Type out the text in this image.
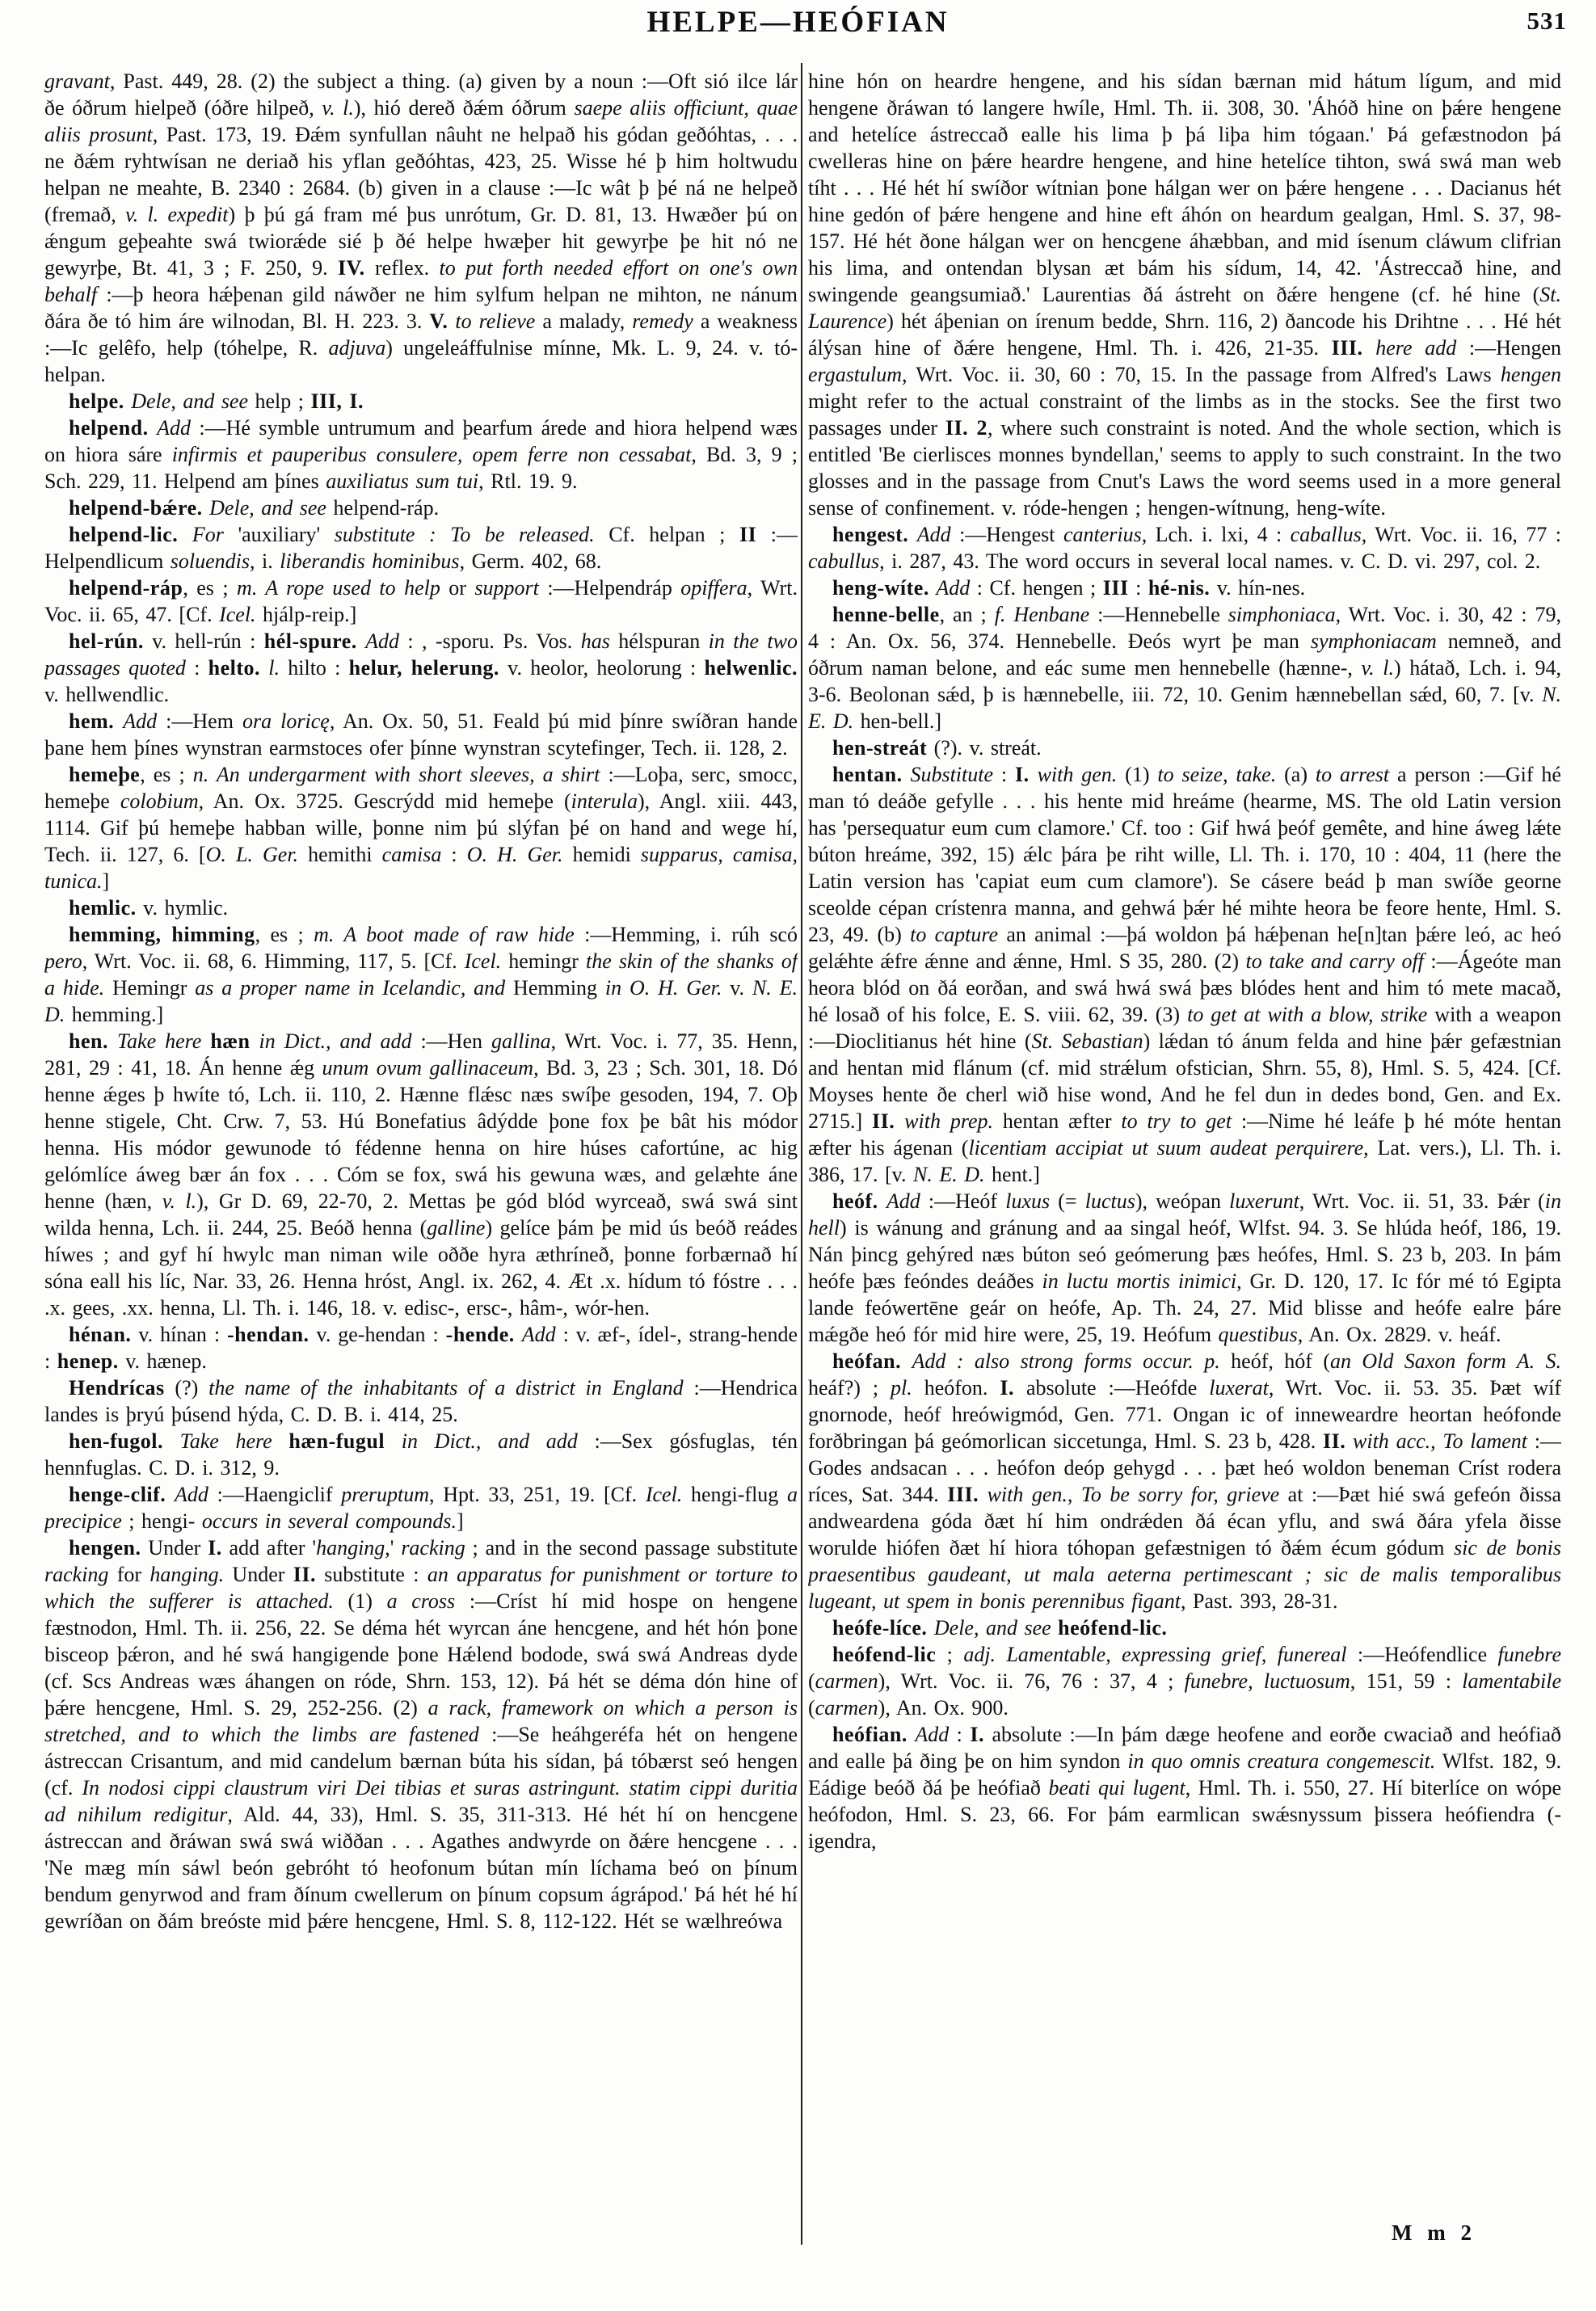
HELPE—HEÓFIAN	531

gravant, Past. 449, 28. (2) the subject a thing. (a) given by a noun :—Oft sió ilce lár ðe óðrum hielpeð (óðre hilpeð, v. l.), hió dereð ðǽm óðrum saepe aliis officiunt, quae aliis prosunt, Past. 173, 19. Ðǽm synfullan nâuht ne helpað his gódan geðóhtas, . . . ne ðǽm ryhtwísan ne deriað his yflan geðóhtas, 423, 25. Wisse hé þ him holtwudu helpan ne meahte, B. 2340 : 2684. (b) given in a clause :—Ic wât þ þé ná ne helpeð (fremað, v. l. expedit) þ þú gá fram mé þus unrótum, Gr. D. 81, 13. Hwæðer þú on ǽngum geþeahte swá twiorǽde sié þ ðé helpe hwæþer hit gewyrþe þe hit nó ne gewyrþe, Bt. 41, 3 ; F. 250, 9. IV. reflex. to put forth needed effort on one's own behalf :—þ heora hǽþenan gild náwðer ne him sylfum helpan ne mihton, ne nánum ðára ðe tó him áre wilnodan, Bl. H. 223. 3. V. to relieve a malady, remedy a weakness :—Ic gelêfo, help (tóhelpe, R. adjuva) ungeleáffulnise mínne, Mk. L. 9, 24. v. tó-helpan.

helpe. Dele, and see help ; III, I.

helpend. Add :—Hé symble untrumum and þearfum árede and hiora helpend wæs on hiora sáre infirmis et pauperibus consulere, opem ferre non cessabat, Bd. 3, 9 ; Sch. 229, 11. Helpend am þínes auxiliatus sum tui, Rtl. 19. 9.

helpend-bǽre. Dele, and see helpend-ráp.

helpend-lic. For 'auxiliary' substitute : To be released. Cf. helpan ; II :—Helpendlicum soluendis, i. liberandis hominibus, Germ. 402, 68.

helpend-ráp, es ; m. A rope used to help or support :—Helpendráp opiffera, Wrt. Voc. ii. 65, 47. [Cf. Icel. hjálp-reip.]

hel-rún. v. hell-rún : hél-spure. Add : , -sporu. Ps. Vos. has hélspuran in the two passages quoted : helto. l. hilto : helur, helerung. v. heolor, heolorung : helwenlic. v. hellwendlic.

hem. Add :—Hem ora loricę, An. Ox. 50, 51. Feald þú mid þínre swíðran hande þane hem þínes wynstran earmstoces ofer þínne wynstran scytefinger, Tech. ii. 128, 2.

hemeþe, es ; n. An undergarment with short sleeves, a shirt :—Loþa, serc, smocc, hemeþe colobium, An. Ox. 3725. Gescrýdd mid hemeþe (interula), Angl. xiii. 443, 1114. Gif þú hemeþe habban wille, þonne nim þú slýfan þé on hand and wege hí, Tech. ii. 127, 6. [O. L. Ger. hemithi camisa : O. H. Ger. hemidi supparus, camisa, tunica.]

hemlic. v. hymlic.

hemming, himming, es ; m. A boot made of raw hide :—Hemming, i. rúh scó pero, Wrt. Voc. ii. 68, 6. Himming, 117, 5. [Cf. Icel. hemingr the skin of the shanks of a hide. Hemingr as a proper name in Icelandic, and Hemming in O. H. Ger. v. N. E. D. hemming.]

hen. Take here hæn in Dict., and add :—Hen gallina, Wrt. Voc. i. 77, 35. Henn, 281, 29 : 41, 18. Án henne ǽg unum ovum gallinaceum, Bd. 3, 23 ; Sch. 301, 18. Dó henne ǽges þ hwíte tó, Lch. ii. 110, 2. Hænne flǽsc næs swíþe gesoden, 194, 7. Oþ henne stigele, Cht. Crw. 7, 53. Hú Bonefatius âdýdde þone fox þe bât his módor henna. His módor gewunode tó fédenne henna on hire húses cafortúne, ac hig gelómlíce áweg bær án fox . . . Cóm se fox, swá his gewuna wæs, and gelæhte áne henne (hæn, v. l.), Gr D. 69, 22-70, 2. Mettas þe gód blód wyrceað, swá swá sint wilda henna, Lch. ii. 244, 25. Beóð henna (galline) gelíce þám þe mid ús beóð reádes híwes ; and gyf hí hwylc man niman wile oððe hyra æthríneð, þonne forbærnað hí sóna eall his líc, Nar. 33, 26. Henna hróst, Angl. ix. 262, 4. Æt .x. hídum tó fóstre . . . .x. gees, .xx. henna, Ll. Th. i. 146, 18. v. edisc-, ersc-, hâm-, wór-hen.

hénan. v. hínan : -hendan. v. ge-hendan : -hende. Add : v. æf-, ídel-, strang-hende : henep. v. hænep.

Hendrícas (?) the name of the inhabitants of a district in England :—Hendrica landes is þryú þúsend hýda, C. D. B. i. 414, 25.

hen-fugol. Take here hæn-fugul in Dict., and add :—Sex gósfuglas, tén hennfuglas. C. D. i. 312, 9.

henge-clif. Add :—Haengiclif preruptum, Hpt. 33, 251, 19. [Cf. Icel. hengi-flug a precipice ; hengi- occurs in several compounds.]

hengen. Under I. add after 'hanging,' racking ; and in the second passage substitute racking for hanging. Under II. substitute : an apparatus for punishment or torture to which the sufferer is attached. (1) a cross :—Críst hí mid hospe on hengene fæstnodon, Hml. Th. ii. 256, 22. Se déma hét wyrcan áne hencgene, and hét hón þone bisceop þǽron, and hé swá hangigende þone Hǽlend bodode, swá swá Andreas dyde (cf. Scs Andreas wæs áhangen on róde, Shrn. 153, 12). Þá hét se déma dón hine of þǽre hencgene, Hml. S. 29, 252-256. (2) a rack, framework on which a person is stretched, and to which the limbs are fastened :—Se heáhgeréfa hét on hengene ástreccan Crisantum, and mid candelum bærnan búta his sídan, þá tóbærst seó hengen (cf. In nodosi cippi claustrum viri Dei tibias et suras astringunt. statim cippi duritia ad nihilum redigitur, Ald. 44, 33), Hml. S. 35, 311-313. Hé hét hí on hencgene ástreccan and ðráwan swá swá wiððan . . . Agathes andwyrde on ðǽre hencgene . . . 'Ne mæg mín sáwl beón gebróht tó heofonum bútan mín líchama beó on þínum bendum genyrwod and fram ðínum cwellerum on þínum copsum ágrápod.' Þá hét hé hí gewríðan on ðám breóste mid þǽre hencgene, Hml. S. 8, 112-122. Hét se wælhreówa

hine hón on heardre hengene, and his sídan bærnan mid hátum lígum, and mid hengene ðráwan tó langere hwíle, Hml. Th. ii. 308, 30. 'Áhóð hine on þǽre hengene and hetelíce ástreccað ealle his lima þ þá liþa him tógaan.' Þá gefæstnodon þá cwelleras hine on þǽre heardre hengene, and hine hetelíce tihton, swá swá man web tíht . . . Hé hét hí swíðor wítnian þone hálgan wer on þǽre hengene . . . Dacianus hét hine gedón of þǽre hengene and hine eft áhón on heardum gealgan, Hml. S. 37, 98-157. Hé hét ðone hálgan wer on hencgene áhæbban, and mid ísenum cláwum clifrian his lima, and ontendan blysan æt bám his sídum, 14, 42. 'Ástreccað hine, and swingende geangsumiað.' Laurentias ðá ástreht on ðǽre hengene (cf. hé hine (St. Laurence) hét áþenian on írenum bedde, Shrn. 116, 2) ðancode his Drihtne . . . Hé hét álýsan hine of ðǽre hengene, Hml. Th. i. 426, 21-35. III. here add :—Hengen ergastulum, Wrt. Voc. ii. 30, 60 : 70, 15. In the passage from Alfred's Laws hengen might refer to the actual constraint of the limbs as in the stocks. See the first two passages under II. 2, where such constraint is noted. And the whole section, which is entitled 'Be cierlisces monnes byndellan,' seems to apply to such constraint. In the two glosses and in the passage from Cnut's Laws the word seems used in a more general sense of confinement. v. róde-hengen ; hengen-wítnung, heng-wíte.

hengest. Add :—Hengest canterius, Lch. i. lxi, 4 : caballus, Wrt. Voc. ii. 16, 77 : cabullus, i. 287, 43. The word occurs in several local names. v. C. D. vi. 297, col. 2.

heng-wíte. Add : Cf. hengen ; III : hé-nis. v. hín-nes.

henne-belle, an ; f. Henbane :—Hennebelle simphoniaca, Wrt. Voc. i. 30, 42 : 79, 4 : An. Ox. 56, 374. Hennebelle. Ðeós wyrt þe man symphoniacam nemneð, and óðrum naman belone, and eác sume men hennebelle (hænne-, v. l.) hátað, Lch. i. 94, 3-6. Beolonan sǽd, þ is hænnebelle, iii. 72, 10. Genim hænnebellan sǽd, 60, 7. [v. N. E. D. hen-bell.]

hen-streát (?). v. streát.

hentan. Substitute : I. with gen. (1) to seize, take. (a) to arrest a person :—Gif hé man tó deáðe gefylle . . . his hente mid hreáme (hearme, MS. The old Latin version has 'persequatur eum cum clamore.' Cf. too : Gif hwá þeóf gemête, and hine áweg lǽte búton hreáme, 392, 15) ǽlc þára þe riht wille, Ll. Th. i. 170, 10 : 404, 11 (here the Latin version has 'capiat eum cum clamore'). Se cásere beád þ man swíðe georne sceolde cépan crístenra manna, and gehwá þǽr hé mihte heora be feore hente, Hml. S. 23, 49. (b) to capture an animal :—þá woldon þá hǽþenan he[n]tan þǽre leó, ac heó gelǽhte ǽfre ǽnne and ǽnne, Hml. S 35, 280. (2) to take and carry off :—Ágeóte man heora blód on ðá eorðan, and swá hwá swá þæs blódes hent and him tó mete macað, hé losað of his folce, E. S. viii. 62, 39. (3) to get at with a blow, strike with a weapon :—Dioclitianus hét hine (St. Sebastian) lǽdan tó ánum felda and hine þǽr gefæstnian and hentan mid flánum (cf. mid strǽlum ofstician, Shrn. 55, 8), Hml. S. 5, 424. [Cf. Moyses hente ðe cherl wið hise wond, And he fel dun in dedes bond, Gen. and Ex. 2715.] II. with prep. hentan æfter to try to get :—Nime hé leáfe þ hé móte hentan æfter his ágenan (licentiam accipiat ut suum audeat perquirere, Lat. vers.), Ll. Th. i. 386, 17. [v. N. E. D. hent.]

heóf. Add :—Heóf luxus (= luctus), weópan luxerunt, Wrt. Voc. ii. 51, 33. Þǽr (in hell) is wánung and gránung and aa singal heóf, Wlfst. 94. 3. Se hlúda heóf, 186, 19. Nán þincg gehýred næs búton seó geómerung þæs heófes, Hml. S. 23 b, 203. In þám heófe þæs feóndes deáðes in luctu mortis inimici, Gr. D. 120, 17. Ic fór mé tó Egipta lande feówertēne geár on heófe, Ap. Th. 24, 27. Mid blisse and heófe ealre þáre mǽgðe heó fór mid hire were, 25, 19. Heófum questibus, An. Ox. 2829. v. heáf.

heófan. Add : also strong forms occur. p. heóf, hóf (an Old Saxon form A. S. heáf?) ; pl. heófon. I. absolute :—Heófde luxerat, Wrt. Voc. ii. 53. 35. Þæt wíf gnornode, heóf hreówigmód, Gen. 771. Ongan ic of inneweardre heortan heófonde forðbringan þá geómorlican siccetunga, Hml. S. 23 b, 428. II. with acc., To lament :—Godes andsacan . . . heófon deóp gehygd . . . þæt heó woldon beneman Críst rodera ríces, Sat. 344. III. with gen., To be sorry for, grieve at :—Þæt hié swá gefeón ðissa andweardena góda ðæt hí him ondrǽden ðá écan yflu, and swá ðára yfela ðisse worulde hiófen ðæt hí hiora tóhopan gefæstnigen tó ðǽm écum gódum sic de bonis praesentibus gaudeant, ut mala aeterna pertimescant ; sic de malis temporalibus lugeant, ut spem in bonis perennibus figant, Past. 393, 28-31.

heófe-líce. Dele, and see heófend-lic.

heófend-lic ; adj. Lamentable, expressing grief, funereal :—Heófendlice funebre (carmen), Wrt. Voc. ii. 76, 76 : 37, 4 ; funebre, luctuosum, 151, 59 : lamentabile (carmen), An. Ox. 900.

heófian. Add : I. absolute :—In þám dæge heofene and eorðe cwaciað and heófiað and ealle þá ðing þe on him syndon in quo omnis creatura congemescit. Wlfst. 182, 9. Eádige beóð ðá þe heófiað beati qui lugent, Hml. Th. i. 550, 27. Hí biterlíce on wópe heófodon, Hml. S. 23, 66. For þám earmlican swǽsnyssum þissera heófiendra (-igendra,

M m 2
